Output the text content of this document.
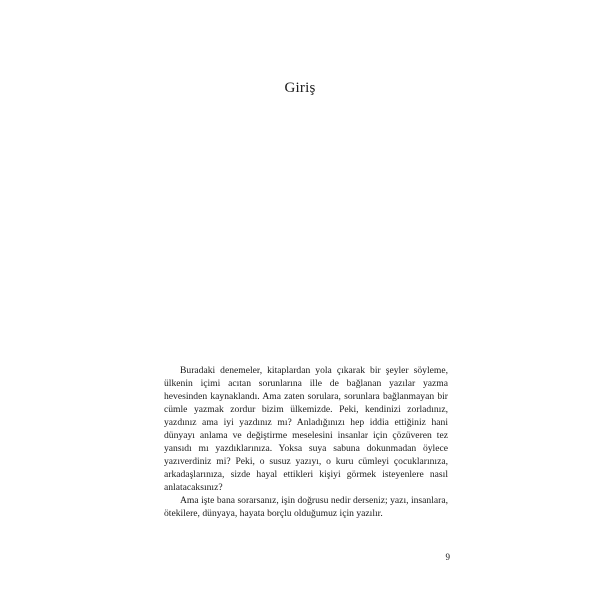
Giriş

Buradaki denemeler, kitaplardan yola çıkarak bir şeyler söyleme, ülkenin içimi acıtan sorunlarına ille de bağlanan yazılar yazma hevesinden kaynaklandı. Ama zaten sorulara, sorunlara bağlanmayan bir cümle yazmak zordur bizim ülkemizde. Peki, kendinizi zorladınız, yazdınız ama iyi yazdınız mı? Anladığınızı hep iddia ettiğiniz hani dünyayı anlama ve değiştirme meselesini insanlar için çözüveren tez yansıdı mı yazdıklarınıza. Yoksa suya sabuna dokunmadan öylece yazıverdiniz mi? Peki, o susuz yazıyı, o kuru cümleyi çocuklarınıza, arkadaşlarınıza, sizde hayal ettikleri kişiyi görmek isteyenlere nasıl anlatacaksınız?

Ama işte bana sorarsanız, işin doğrusu nedir derseniz; yazı, insanlara, ötekilere, dünyaya, hayata borçlu olduğumuz için yazılır.

9
